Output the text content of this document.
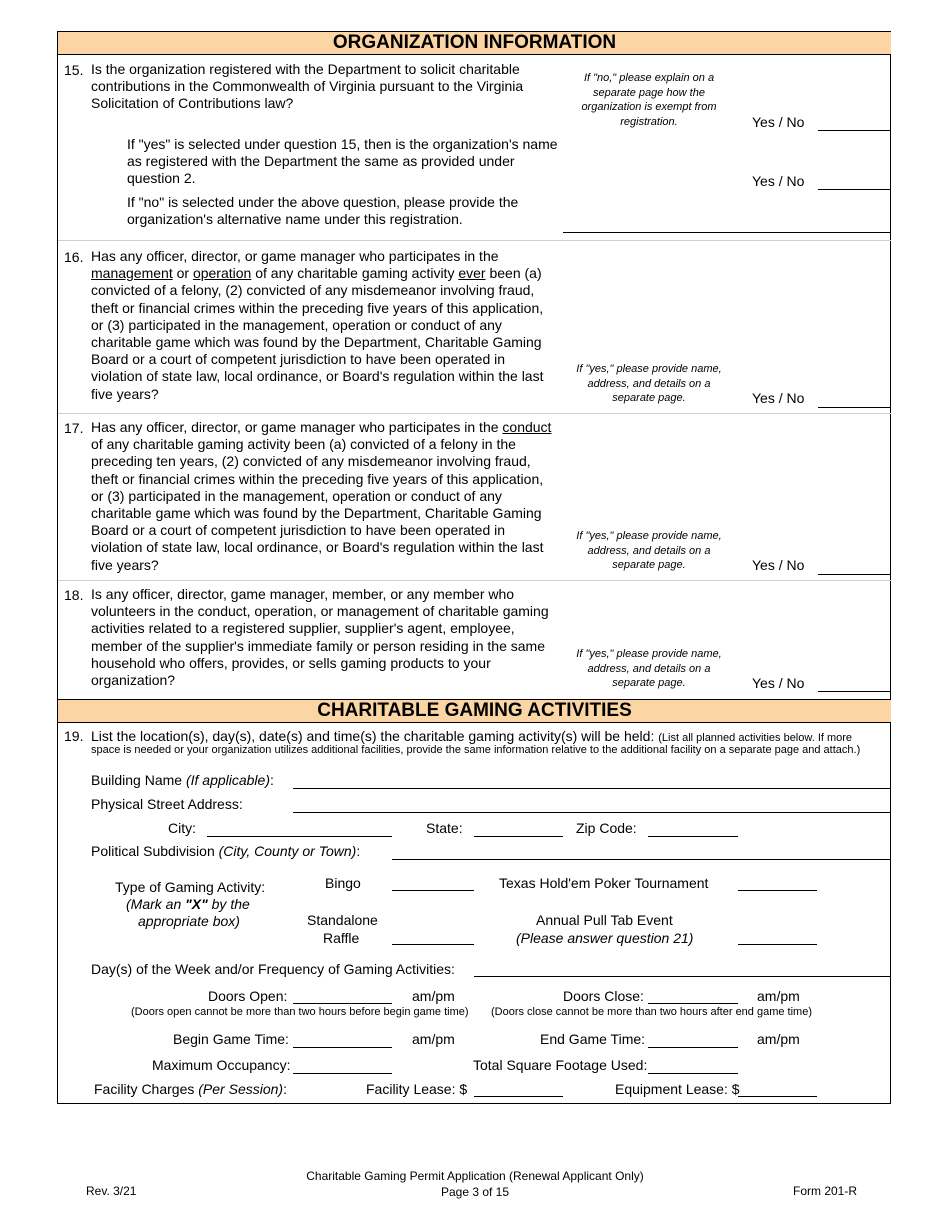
ORGANIZATION INFORMATION
15. Is the organization registered with the Department to solicit charitable contributions in the Commonwealth of Virginia pursuant to the Virginia Solicitation of Contributions law?
If "no," please explain on a separate page how the organization is exempt from registration.	Yes / No
If "yes" is selected under question 15, then is the organization's name as registered with the Department the same as provided under question 2.	Yes / No
If "no" is selected under the above question, please provide the organization's alternative name under this registration.
16. Has any officer, director, or game manager who participates in the management or operation of any charitable gaming activity ever been (a) convicted of a felony, (2) convicted of any misdemeanor involving fraud, theft or financial crimes within the preceding five years of this application, or (3) participated in the management, operation or conduct of any charitable game which was found by the Department, Charitable Gaming Board or a court of competent jurisdiction to have been operated in violation of state law, local ordinance, or Board's regulation within the last five years?
If "yes," please provide name, address, and details on a separate page.	Yes / No
17. Has any officer, director, or game manager who participates in the conduct of any charitable gaming activity been (a) convicted of a felony in the preceding ten years, (2) convicted of any misdemeanor involving fraud, theft or financial crimes within the preceding five years of this application, or (3) participated in the management, operation or conduct of any charitable game which was found by the Department, Charitable Gaming Board or a court of competent jurisdiction to have been operated in violation of state law, local ordinance, or Board's regulation within the last five years?
If "yes," please provide name, address, and details on a separate page.	Yes / No
18. Is any officer, director, game manager, member, or any member who volunteers in the conduct, operation, or management of charitable gaming activities related to a registered supplier, supplier's agent, employee, member of the supplier's immediate family or person residing in the same household who offers, provides, or sells gaming products to your organization?
If "yes," please provide name, address, and details on a separate page.	Yes / No
CHARITABLE GAMING ACTIVITIES
19. List the location(s), day(s), date(s) and time(s) the charitable gaming activity(s) will be held: (List all planned activities below. If more
space is needed or your organization utilizes additional facilities, provide the same information relative to the additional facility on a separate page and attach.)
Building Name (If applicable):
Physical Street Address:
City:	State:	Zip Code:
Political Subdivision (City, County or Town):
Type of Gaming Activity:
(Mark an "X" by the
appropriate box)
Bingo	Texas Hold'em Poker Tournament
Standalone
Raffle
Annual Pull Tab Event
(Please answer question 21)
Day(s) of the Week and/or Frequency of Gaming Activities:
Doors Open:	am/pm	Doors Close:	am/pm
(Doors open cannot be more than two hours before begin game time) (Doors close cannot be more than two hours after end game time)
Begin Game Time:	am/pm	End Game Time:	am/pm
Maximum Occupancy:	Total Square Footage Used:
Facility Charges (Per Session):	Facility Lease: $	Equipment Lease: $
Rev. 3/21
Charitable Gaming Permit Application (Renewal Applicant Only)
Page 3 of 15	Form 201-R
